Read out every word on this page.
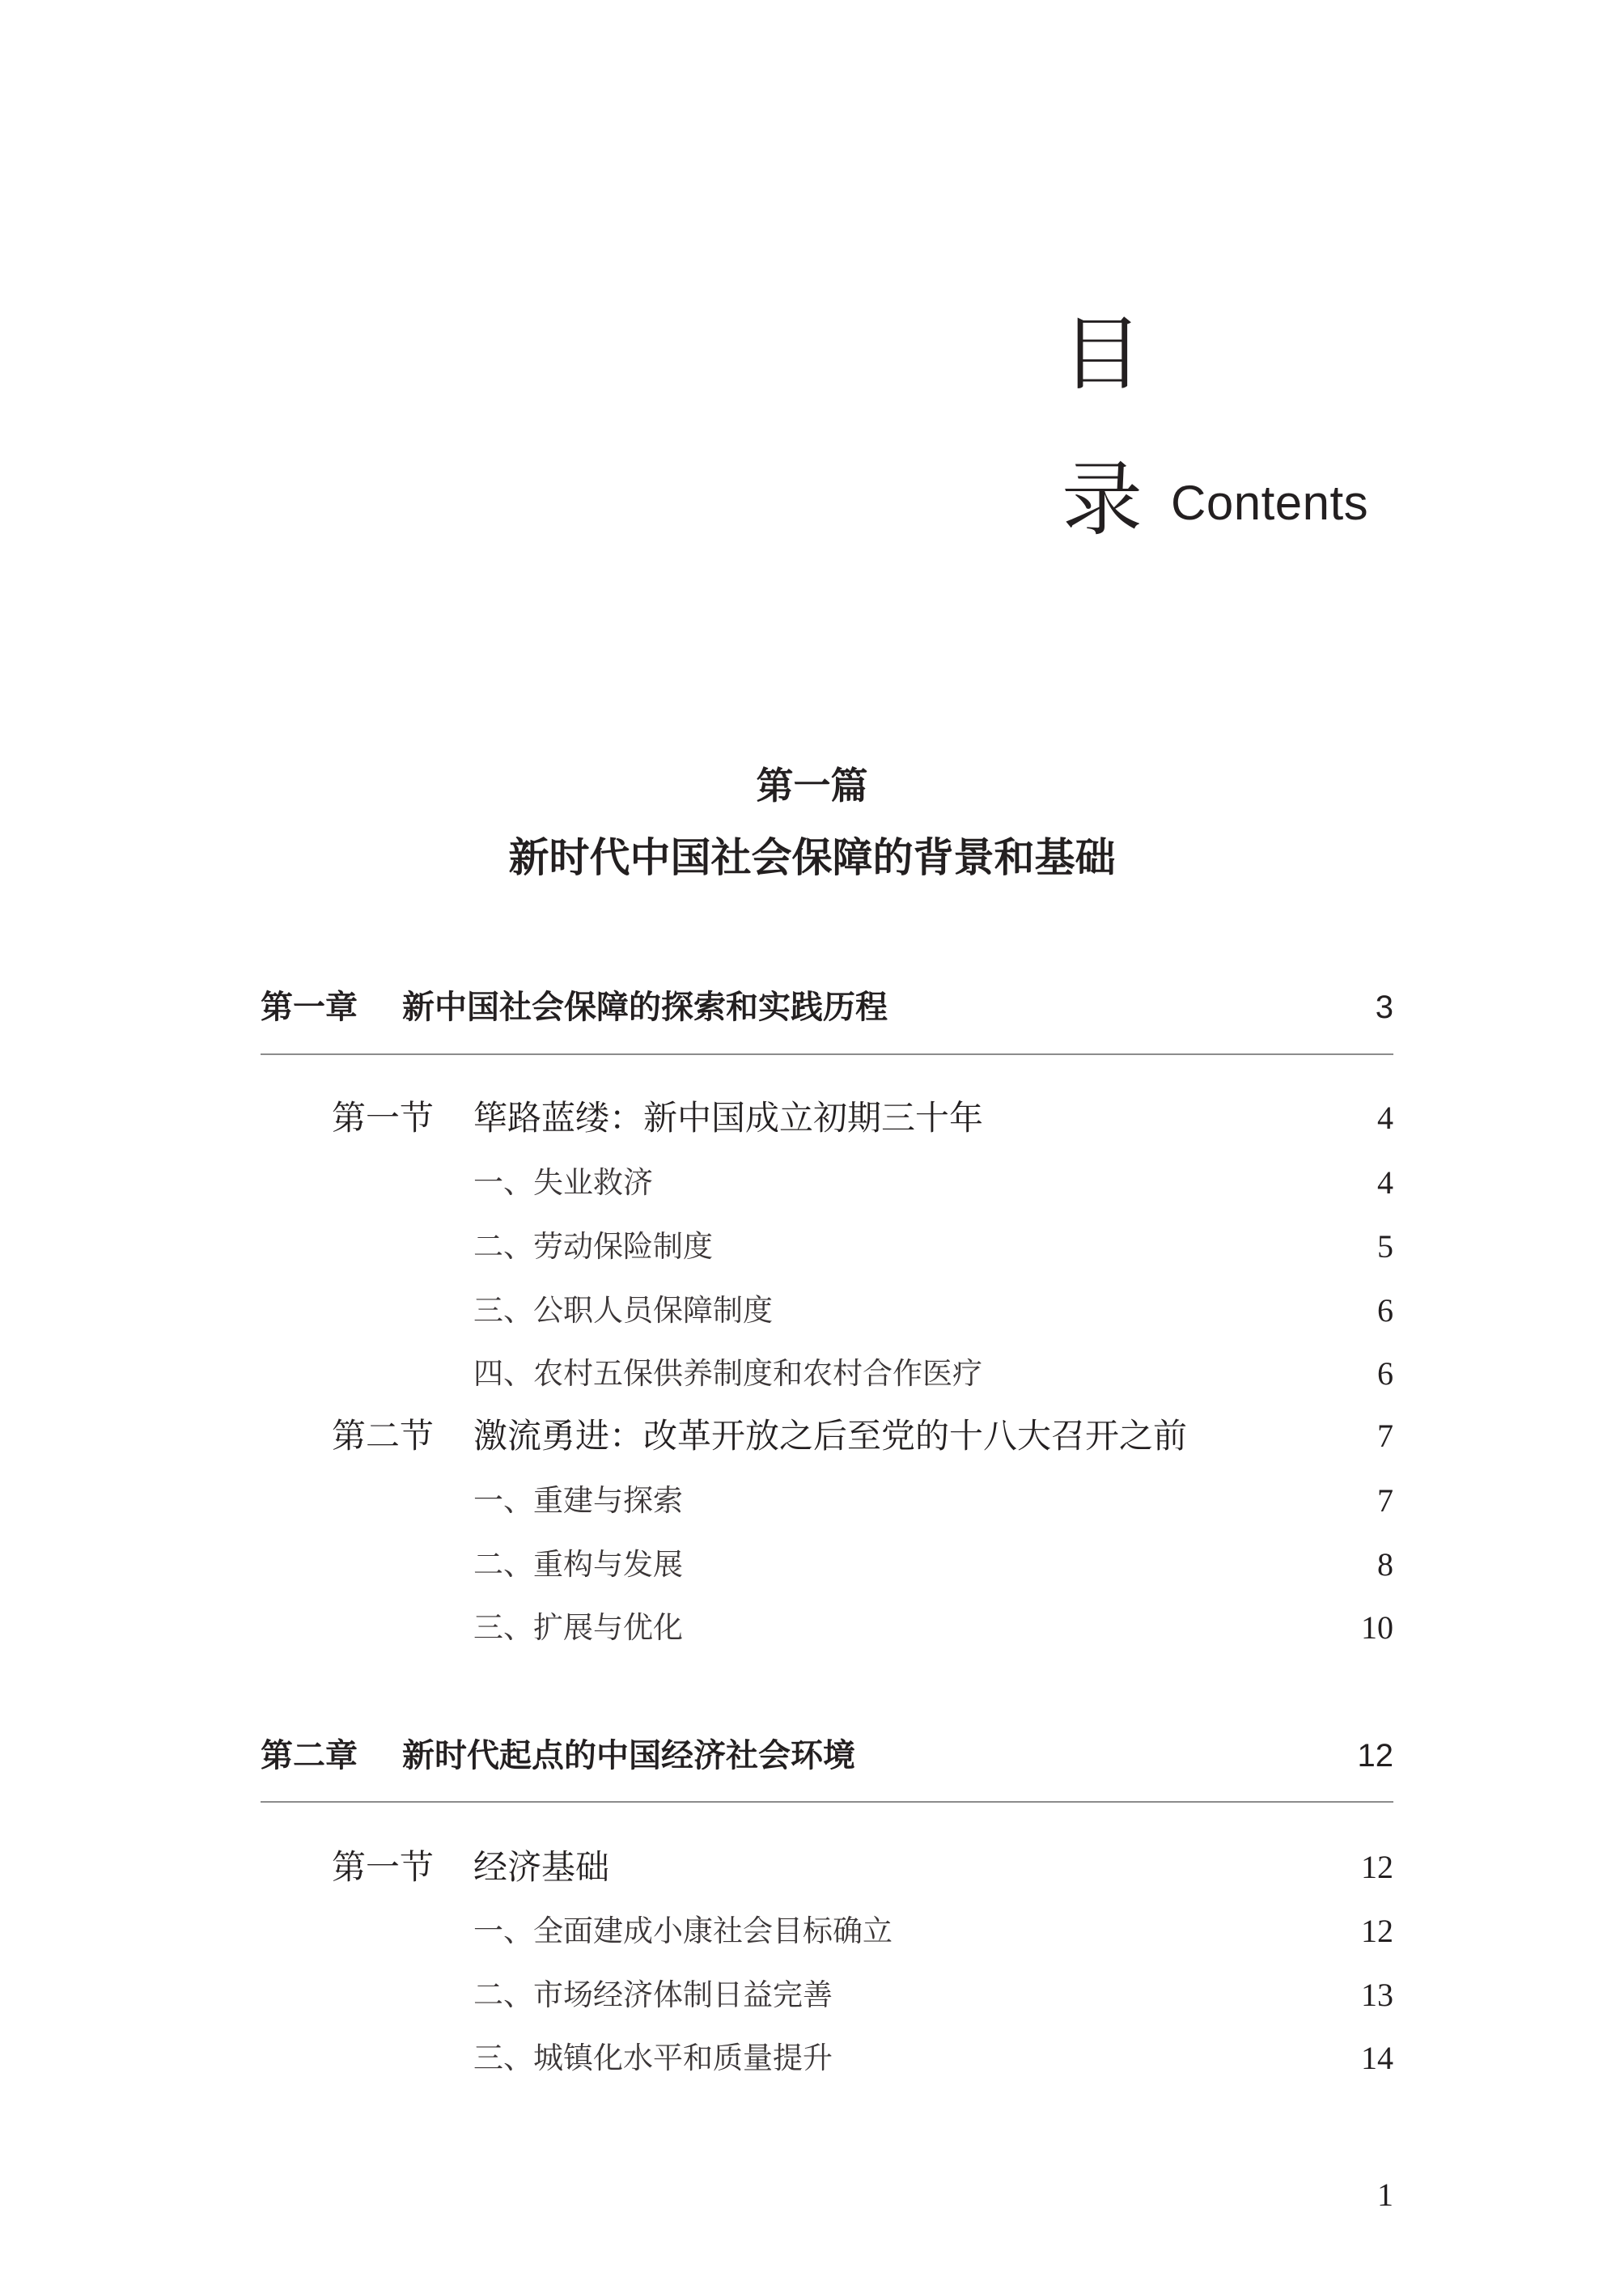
目
录 Contents
第一篇
新时代中国社会保障的背景和基础
第一章 新中国社会保障的探索和实践历程	3
第一节 筚路蓝缕：新中国成立初期三十年	4
一、失业救济	4
二、劳动保险制度	5
三、公职人员保障制度	6
四、农村五保供养制度和农村合作医疗	6
第二节 激流勇进：改革开放之后至党的十八大召开之前	7
一、重建与探索	7
二、重构与发展	8
三、扩展与优化	10
第二章 新时代起点的中国经济社会环境	12
第一节 经济基础	12
一、全面建成小康社会目标确立	12
二、市场经济体制日益完善	13
三、城镇化水平和质量提升	14
1
